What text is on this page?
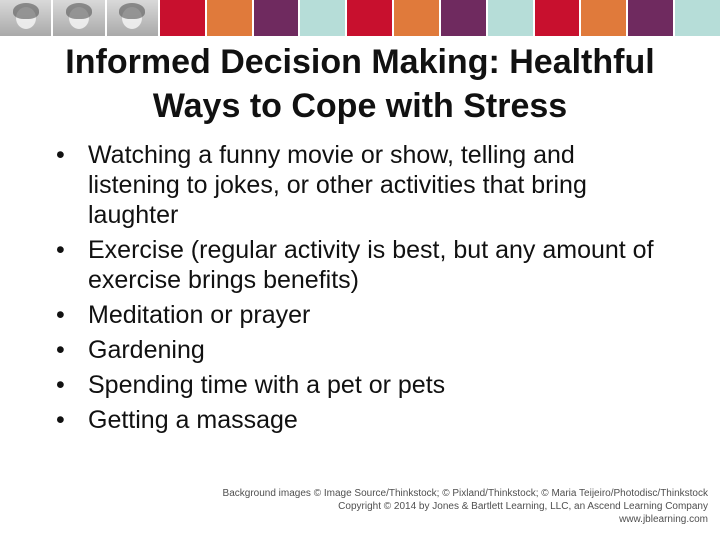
Informed Decision Making: Healthful
Ways to Cope with Stress
• Watching a funny movie or show, telling and listening to jokes, or other activities that bring laughter
• Exercise (regular activity is best, but any amount of exercise brings benefits)
• Meditation or prayer
• Gardening
• Spending time with a pet or pets
• Getting a massage
Background images © Image Source/Thinkstock; © Pixland/Thinkstock; © Maria Teijeiro/Photodisc/Thinkstock
Copyright © 2014 by Jones & Bartlett Learning, LLC, an Ascend Learning Company
www.jblearning.com
